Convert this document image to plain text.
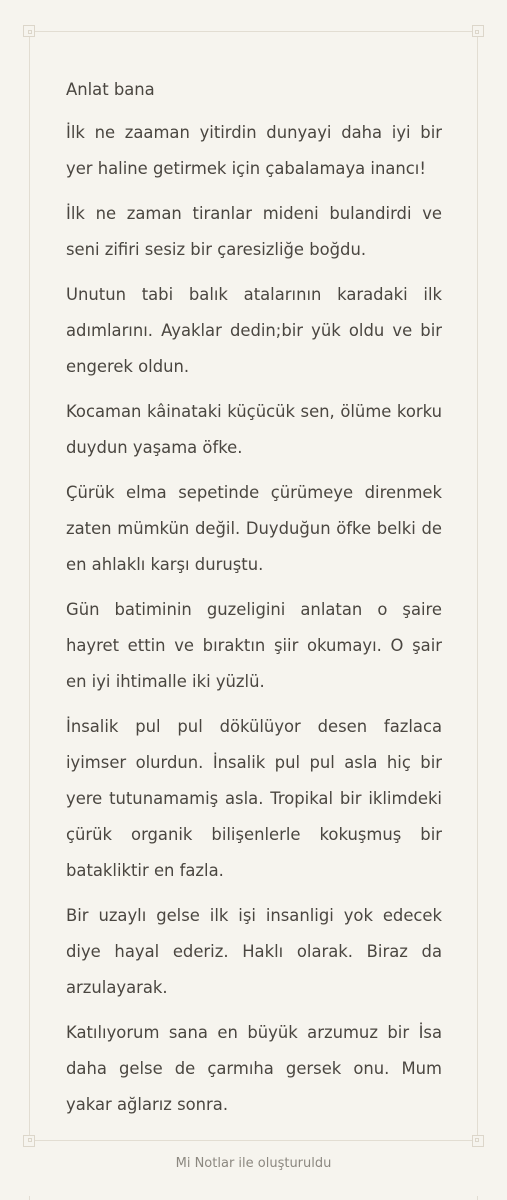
Anlat bana

İlk ne zaaman yitirdin dunyayi daha iyi bir yer haline getirmek için çabalamaya inancı!

İlk ne zaman tiranlar mideni bulandirdi ve seni zifiri sesiz bir çaresizliğe boğdu.

Unutun tabi balık atalarının karadaki ilk adımlarını. Ayaklar dedin;bir yük oldu ve bir engerek oldun.

Kocaman kâinataki küçücük sen, ölüme korku duydun yaşama öfke.

Çürük elma sepetinde çürümeye direnmek zaten mümkün değil. Duyduğun öfke belki de en ahlaklı karşı duruştu.

Gün batiminin guzeligini anlatan o şaire hayret ettin ve bıraktın şiir okumayı. O şair en iyi ihtimalle iki yüzlü.

İnsalik pul pul dökülüyor desen fazlaca iyimser olurdun. İnsalik pul pul asla hiç bir yere tutunamamiş asla. Tropikal bir iklimdeki çürük organik bilişenlerle kokuşmuş bir batakliktir en fazla.

Bir uzaylı gelse ilk işi insanligi yok edecek diye hayal ederiz. Haklı olarak. Biraz da arzulayarak.

Katılıyorum sana en büyük arzumuz bir İsa daha gelse de çarmıha gersek onu. Mum yakar ağlarız sonra.

Mi Notlar ile oluşturuldu
